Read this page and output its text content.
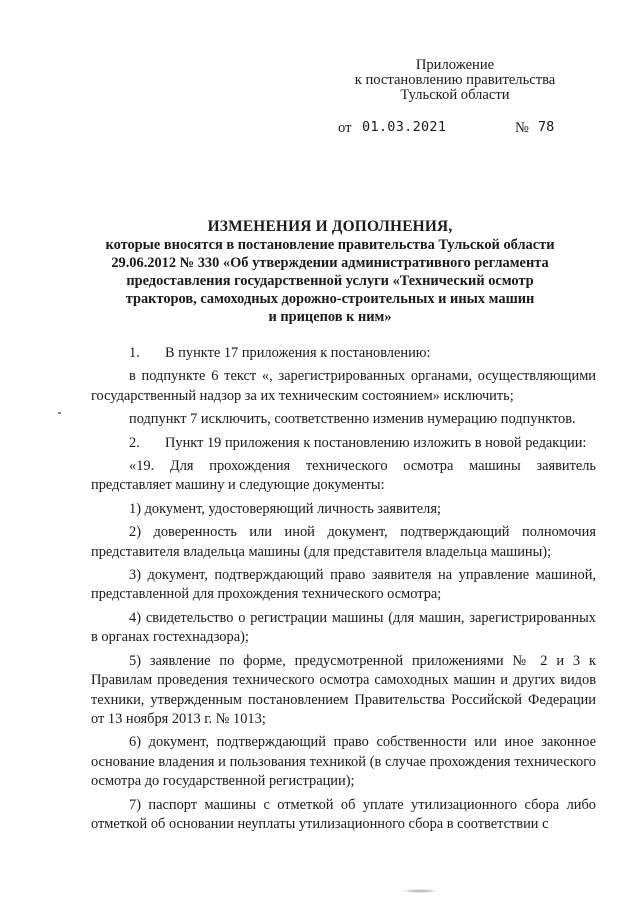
Приложение
к постановлению правительства
Тульской области
от 01.03.2021	№ 78
ИЗМЕНЕНИЯ И ДОПОЛНЕНИЯ,
которые вносятся в постановление правительства Тульской области
29.06.2012 № 330 «Об утверждении административного регламента
предоставления государственной услуги «Технический осмотр
тракторов, самоходных дорожно-строительных и иных машин
и прицепов к ним»

1.       В пункте 17 приложения к постановлению:

в подпункте 6 текст «, зарегистрированных органами, осуществляющими государственный надзор за их техническим состоянием» исключить;

подпункт 7 исключить, соответственно изменив нумерацию подпунктов.

2.       Пункт 19 приложения к постановлению изложить в новой редакции:

«19. Для прохождения технического осмотра машины заявитель представляет машину и следующие документы:

1) документ, удостоверяющий личность заявителя;

2) доверенность или иной документ, подтверждающий полномочия представителя владельца машины (для представителя владельца машины);

3) документ, подтверждающий право заявителя на управление машиной, представленной для прохождения технического осмотра;

4) свидетельство о регистрации машины (для машин, зарегистрированных в органах гостехнадзора);

5) заявление по форме, предусмотренной приложениями № 2 и 3 к Правилам проведения технического осмотра самоходных машин и других видов техники, утвержденным постановлением Правительства Российской Федерации от 13 ноября 2013 г. № 1013;

6) документ, подтверждающий право собственности или иное законное основание владения и пользования техникой (в случае прохождения технического осмотра до государственной регистрации);

7) паспорт машины с отметкой об уплате утилизационного сбора либо отметкой об основании неуплаты утилизационного сбора в соответствии с
